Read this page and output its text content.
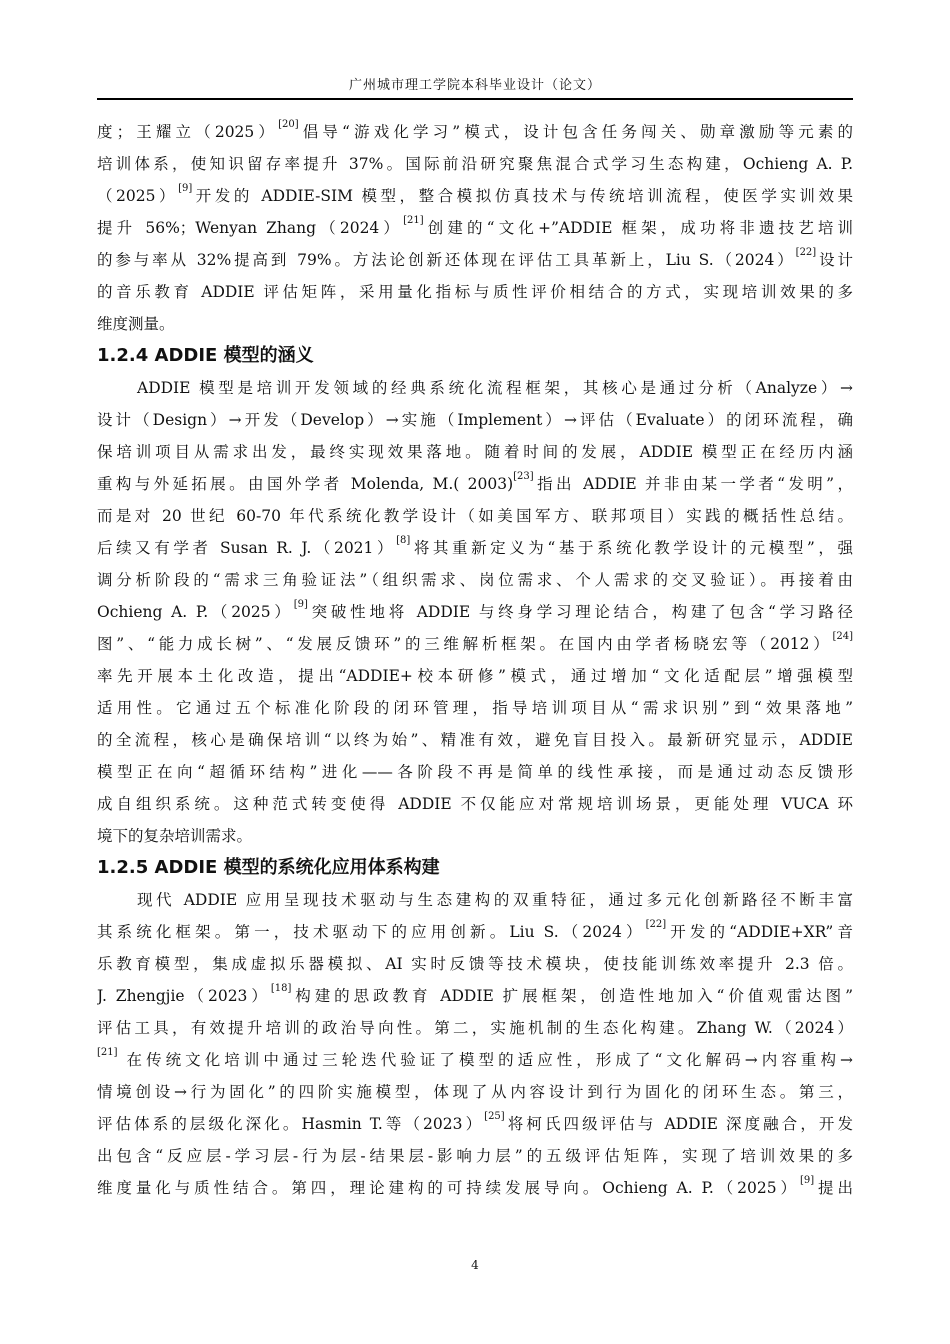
广州城市理工学院本科毕业设计（论文）
度；王耀立（2025）[20]倡导“游戏化学习”模式，设计包含任务闯关、勋章激励等元素的
培训体系，使知识留存率提升 37%。国际前沿研究聚焦混合式学习生态构建，Ochieng A. P.
（2025）[9]开发的 ADDIE-SIM 模型，整合模拟仿真技术与传统培训流程，使医学实训效果
提升 56%；Wenyan Zhang（2024）[21]创建的“文化+”ADDIE 框架，成功将非遗技艺培训
的参与率从 32%提高到 79%。方法论创新还体现在评估工具革新上，Liu S.（2024）[22]设计
的音乐教育 ADDIE 评估矩阵，采用量化指标与质性评价相结合的方式，实现培训效果的多
维度测量。
1.2.4 ADDIE 模型的涵义
ADDIE 模型是培训开发领域的经典系统化流程框架，其核心是通过分析（Analyze）→
设计（Design）→开发（Develop）→实施（Implement）→评估（Evaluate）的闭环流程，确
保培训项目从需求出发，最终实现效果落地。随着时间的发展，ADDIE 模型正在经历内涵
重构与外延拓展。由国外学者 Molenda, M.( 2003)[23]指出 ADDIE 并非由某一学者“发明”，
而是对 20 世纪 60-70 年代系统化教学设计（如美国军方、联邦项目）实践的概括性总结。
后续又有学者 Susan R. J.（2021）[8]将其重新定义为“基于系统化教学设计的元模型”，强
调分析阶段的“需求三角验证法”（组织需求、岗位需求、个人需求的交叉验证）。再接着由
Ochieng A. P.（2025）[9]突破性地将 ADDIE 与终身学习理论结合，构建了包含“学习路径
图”、“能力成长树”、“发展反馈环”的三维解析框架。在国内由学者杨晓宏等（2012）[24]
率先开展本土化改造，提出“ADDIE+校本研修”模式，通过增加“文化适配层”增强模型
适用性。它通过五个标准化阶段的闭环管理，指导培训项目从“需求识别”到“效果落地”
的全流程，核心是确保培训“以终为始”、精准有效，避免盲目投入。最新研究显示，ADDIE
模型正在向“超循环结构”进化——各阶段不再是简单的线性承接，而是通过动态反馈形
成自组织系统。这种范式转变使得 ADDIE 不仅能应对常规培训场景，更能处理 VUCA 环
境下的复杂培训需求。
1.2.5 ADDIE 模型的系统化应用体系构建
现代 ADDIE 应用呈现技术驱动与生态建构的双重特征，通过多元化创新路径不断丰富
其系统化框架。第一，技术驱动下的应用创新。Liu S.（2024）[22]开发的“ADDIE+XR”音
乐教育模型，集成虚拟乐器模拟、AI 实时反馈等技术模块，使技能训练效率提升 2.3 倍。
J. Zhengjie（2023）[18]构建的思政教育 ADDIE 扩展框架，创造性地加入“价值观雷达图”
评估工具，有效提升培训的政治导向性。第二，实施机制的生态化构建。Zhang W.（2024）
[21] 在传统文化培训中通过三轮迭代验证了模型的适应性，形成了“文化解码→内容重构→
情境创设→行为固化”的四阶实施模型，体现了从内容设计到行为固化的闭环生态。第三，
评估体系的层级化深化。Hasmin T.等（2023）[25]将柯氏四级评估与 ADDIE 深度融合，开发
出包含“反应层-学习层-行为层-结果层-影响力层”的五级评估矩阵，实现了培训效果的多
维度量化与质性结合。第四，理论建构的可持续发展导向。Ochieng A. P.（2025）[9]提出
4
